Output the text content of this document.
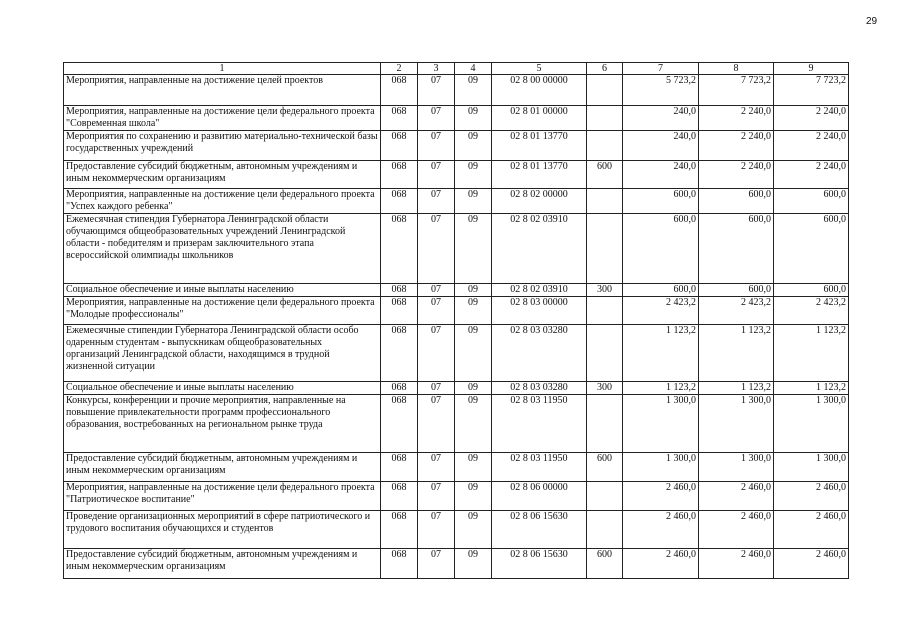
29
1	2	3	4	5	6	7	8	9
Мероприятия, направленные на достижение целей проектов	068	07	09	02 8 00 00000		5 723,2	7 723,2	7 723,2
Мероприятия, направленные на достижение цели федерального проекта "Современная школа"	068	07	09	02 8 01 00000		240,0	2 240,0	2 240,0
Мероприятия по сохранению и развитию материально-технической базы государственных учреждений	068	07	09	02 8 01 13770		240,0	2 240,0	2 240,0
Предоставление субсидий бюджетным, автономным учреждениям и иным некоммерческим организациям	068	07	09	02 8 01 13770	600	240,0	2 240,0	2 240,0
Мероприятия, направленные на достижение цели федерального проекта "Успех каждого ребенка"	068	07	09	02 8 02 00000		600,0	600,0	600,0
Ежемесячная стипендия Губернатора Ленинградской области обучающимся общеобразовательных учреждений Ленинградской области - победителям и призерам заключительного этапа всероссийской олимпиады школьников	068	07	09	02 8 02 03910		600,0	600,0	600,0
Социальное обеспечение и иные выплаты населению	068	07	09	02 8 02 03910	300	600,0	600,0	600,0
Мероприятия, направленные на достижение цели федерального проекта "Молодые профессионалы"	068	07	09	02 8 03 00000		2 423,2	2 423,2	2 423,2
Ежемесячные стипендии Губернатора Ленинградской области особо одаренным студентам - выпускникам общеобразовательных организаций Ленинградской области, находящимся в трудной жизненной ситуации	068	07	09	02 8 03 03280		1 123,2	1 123,2	1 123,2
Социальное обеспечение и иные выплаты населению	068	07	09	02 8 03 03280	300	1 123,2	1 123,2	1 123,2
Конкурсы, конференции и прочие мероприятия, направленные на повышение привлекательности программ профессионального образования, востребованных на региональном рынке труда	068	07	09	02 8 03 11950		1 300,0	1 300,0	1 300,0
Предоставление субсидий бюджетным, автономным учреждениям и иным некоммерческим организациям	068	07	09	02 8 03 11950	600	1 300,0	1 300,0	1 300,0
Мероприятия, направленные на достижение цели федерального проекта "Патриотическое воспитание"	068	07	09	02 8 06 00000		2 460,0	2 460,0	2 460,0
Проведение организационных мероприятий в сфере патриотического и трудового воспитания обучающихся и студентов	068	07	09	02 8 06 15630		2 460,0	2 460,0	2 460,0
Предоставление субсидий бюджетным, автономным учреждениям и иным некоммерческим организациям	068	07	09	02 8 06 15630	600	2 460,0	2 460,0	2 460,0
